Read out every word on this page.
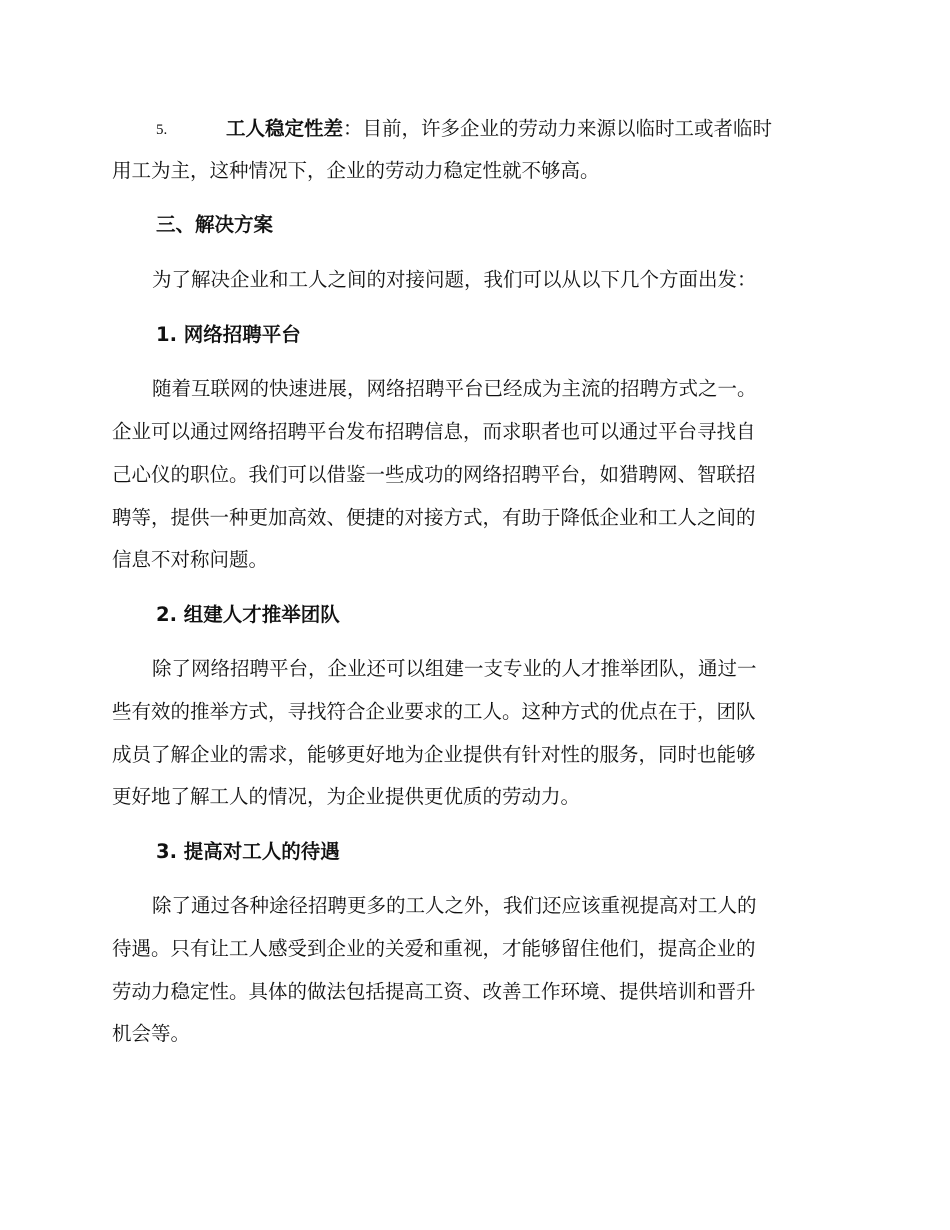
5.	工人稳定性差：目前，许多企业的劳动力来源以临时工或者临时
用工为主，这种情况下，企业的劳动力稳定性就不够高。
三、解决方案
为了解决企业和工人之间的对接问题，我们可以从以下几个方面出发：
1. 网络招聘平台
随着互联网的快速进展，网络招聘平台已经成为主流的招聘方式之一。
企业可以通过网络招聘平台发布招聘信息，而求职者也可以通过平台寻找自
己心仪的职位。我们可以借鉴一些成功的网络招聘平台，如猎聘网、智联招
聘等，提供一种更加高效、便捷的对接方式，有助于降低企业和工人之间的
信息不对称问题。
2. 组建人才推举团队
除了网络招聘平台，企业还可以组建一支专业的人才推举团队，通过一
些有效的推举方式，寻找符合企业要求的工人。这种方式的优点在于，团队
成员了解企业的需求，能够更好地为企业提供有针对性的服务，同时也能够
更好地了解工人的情况，为企业提供更优质的劳动力。
3. 提高对工人的待遇
除了通过各种途径招聘更多的工人之外，我们还应该重视提高对工人的
待遇。只有让工人感受到企业的关爱和重视，才能够留住他们，提高企业的
劳动力稳定性。具体的做法包括提高工资、改善工作环境、提供培训和晋升
机会等。
